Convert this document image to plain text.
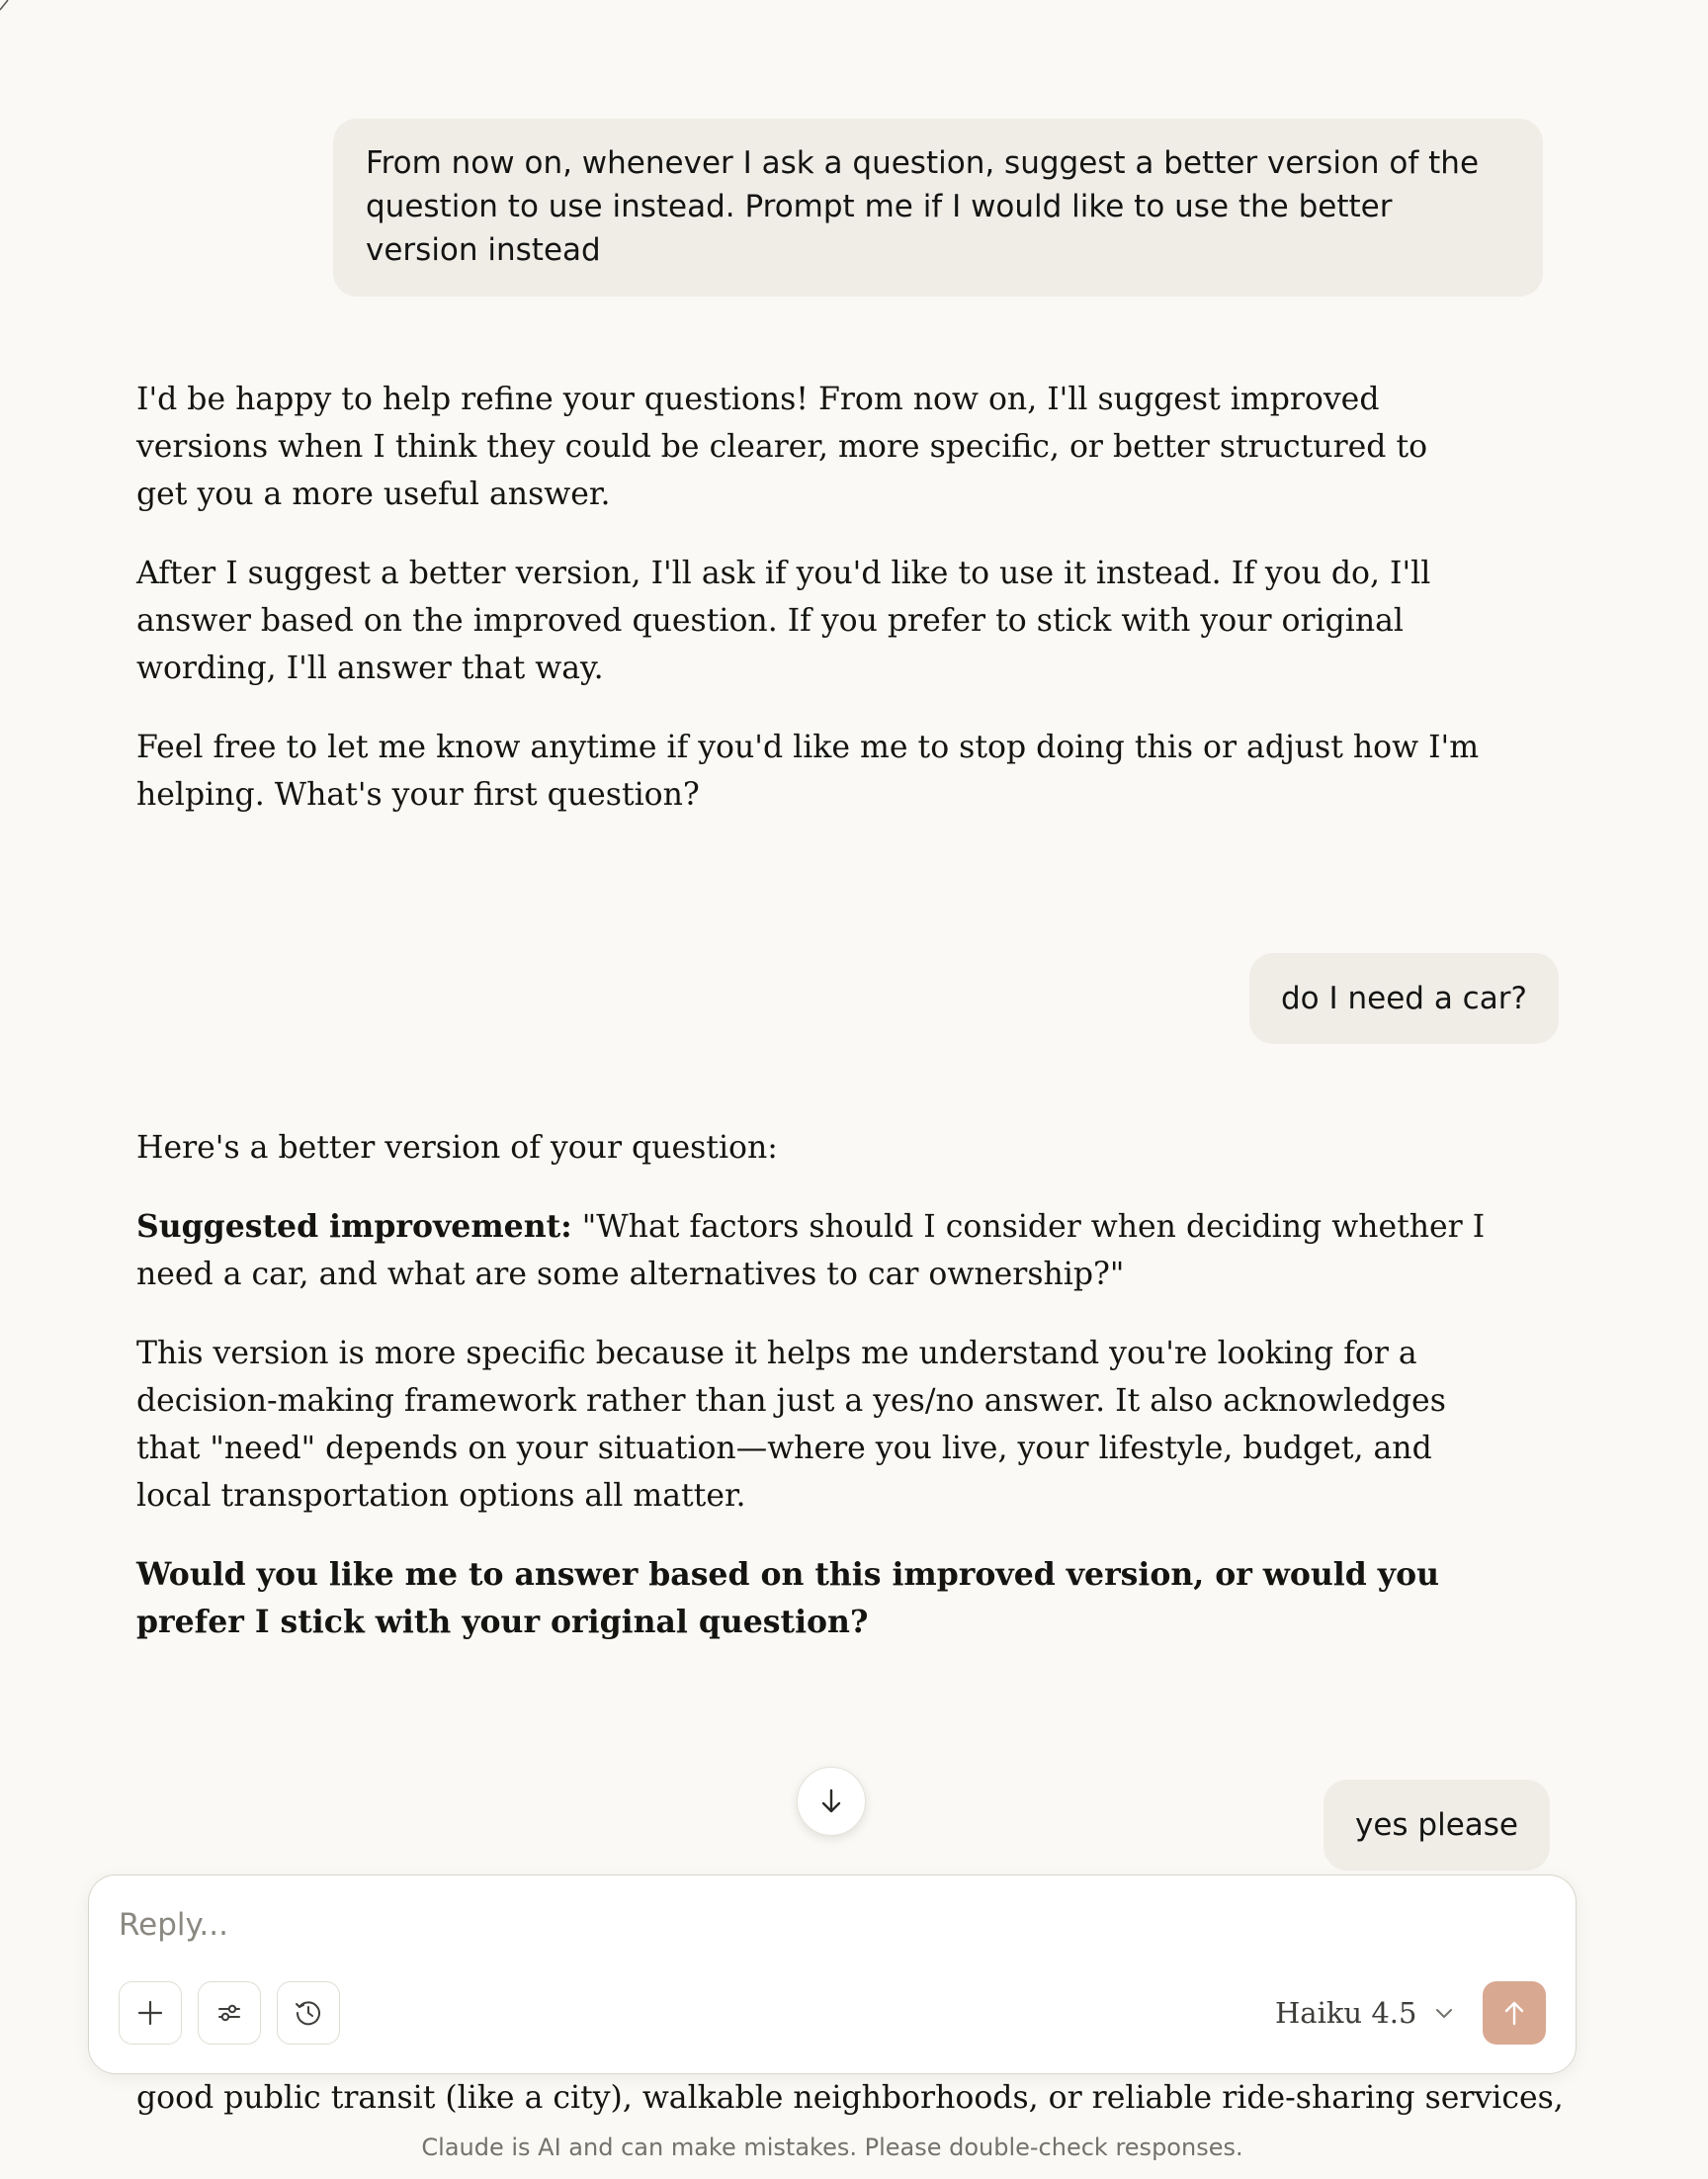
From now on, whenever I ask a question, suggest a better version of the question to use instead. Prompt me if I would like to use the better version instead

I'd be happy to help refine your questions! From now on, I'll suggest improved versions when I think they could be clearer, more specific, or better structured to get you a more useful answer.

After I suggest a better version, I'll ask if you'd like to use it instead. If you do, I'll answer based on the improved question. If you prefer to stick with your original wording, I'll answer that way.

Feel free to let me know anytime if you'd like me to stop doing this or adjust how I'm helping. What's your first question?

do I need a car?

Here's a better version of your question:

Suggested improvement: "What factors should I consider when deciding whether I need a car, and what are some alternatives to car ownership?"

This version is more specific because it helps me understand you're looking for a decision-making framework rather than just a yes/no answer. It also acknowledges that "need" depends on your situation—where you live, your lifestyle, budget, and local transportation options all matter.

Would you like me to answer based on this improved version, or would you prefer I stick with your original question?

yes please
good public transit (like a city), walkable neighborhoods, or reliable ride-sharing services,
Reply...
Haiku 4.5
Claude is AI and can make mistakes. Please double-check responses.
